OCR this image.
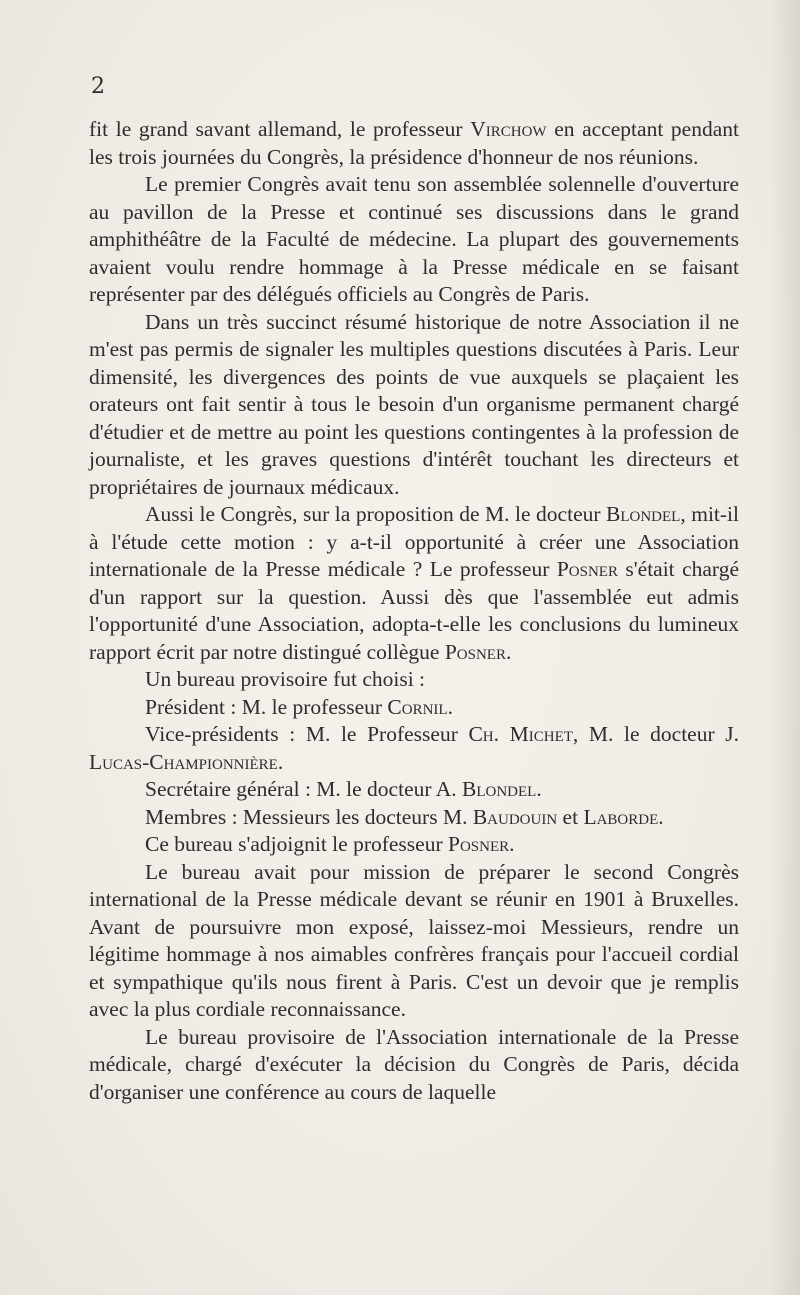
2

fit le grand savant allemand, le professeur Virchow en acceptant pendant les trois journées du Congrès, la présidence d'honneur de nos réunions.

Le premier Congrès avait tenu son assemblée solennelle d'ouverture au pavillon de la Presse et continué ses discussions dans le grand amphithéâtre de la Faculté de médecine. La plupart des gouvernements avaient voulu rendre hommage à la Presse médicale en se faisant représenter par des délégués officiels au Congrès de Paris.

Dans un très succinct résumé historique de notre Association il ne m'est pas permis de signaler les multiples questions discutées à Paris. Leur dimensité, les divergences des points de vue auxquels se plaçaient les orateurs ont fait sentir à tous le besoin d'un organisme permanent chargé d'étudier et de mettre au point les questions contingentes à la profession de journaliste, et les graves questions d'intérêt touchant les directeurs et propriétaires de journaux médicaux.

Aussi le Congrès, sur la proposition de M. le docteur Blondel, mit-il à l'étude cette motion : y a-t-il opportunité à créer une Association internationale de la Presse médicale ? Le professeur Posner s'était chargé d'un rapport sur la question. Aussi dès que l'assemblée eut admis l'opportunité d'une Association, adopta-t-elle les conclusions du lumineux rapport écrit par notre distingué collègue Posner.

Un bureau provisoire fut choisi :

Président : M. le professeur Cornil.

Vice-présidents : M. le Professeur Ch. Michet, M. le docteur J. Lucas-Championnière.

Secrétaire général : M. le docteur A. Blondel.

Membres : Messieurs les docteurs M. Baudouin et Laborde.

Ce bureau s'adjoignit le professeur Posner.

Le bureau avait pour mission de préparer le second Congrès international de la Presse médicale devant se réunir en 1901 à Bruxelles. Avant de poursuivre mon exposé, laissez-moi Messieurs, rendre un légitime hommage à nos aimables confrères français pour l'accueil cordial et sympathique qu'ils nous firent à Paris. C'est un devoir que je remplis avec la plus cordiale reconnaissance.

Le bureau provisoire de l'Association internationale de la Presse médicale, chargé d'exécuter la décision du Congrès de Paris, décida d'organiser une conférence au cours de laquelle
